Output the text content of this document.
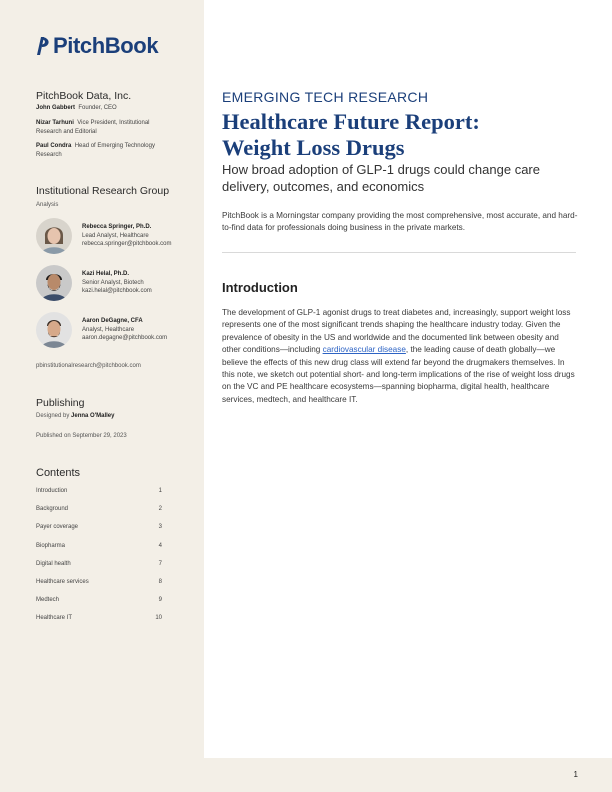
1
PitchBook
PitchBook Data, Inc.
John Gabbert Founder, CEO
Nizar Tarhuni Vice President, Institutional
Research and Editorial
Paul Condra Head of Emerging Technology
Research
Institutional Research Group
Analysis
Rebecca Springer, Ph.D.
Lead Analyst, Healthcare
rebecca.springer@pitchbook.com
Kazi Helal, Ph.D.
Senior Analyst, Biotech
kazi.helal@pitchbook.com
Aaron DeGagne, CFA
Analyst, Healthcare
aaron.degagne@pitchbook.com
pbinstitutionalresearch@pitchbook.com
Publishing
Designed by Jenna O'Malley
Published on September 29, 2023
Contents
Introduction	1
Background	2
Payer coverage	3
Biopharma	4
Digital health	7
Healthcare services	8
Medtech	9
Healthcare IT	10
EMERGING TECH RESEARCH
Healthcare Future Report:
Weight Loss Drugs
How broad adoption of GLP-1 drugs could change care delivery, outcomes, and economics
PitchBook is a Morningstar company providing the most comprehensive, most accurate, and hard-to-find data for professionals doing business in the private markets.
Introduction
The development of GLP-1 agonist drugs to treat diabetes and, increasingly, support weight loss represents one of the most significant trends shaping the healthcare industry today. Given the prevalence of obesity in the US and worldwide and the documented link between obesity and other conditions—including cardiovascular disease, the leading cause of death globally—we believe the effects of this new drug class will extend far beyond the drugmakers themselves. In this note, we sketch out potential short- and long-term implications of the rise of weight loss drugs on the VC and PE healthcare ecosystems—spanning biopharma, digital health, healthcare services, medtech, and healthcare IT.
